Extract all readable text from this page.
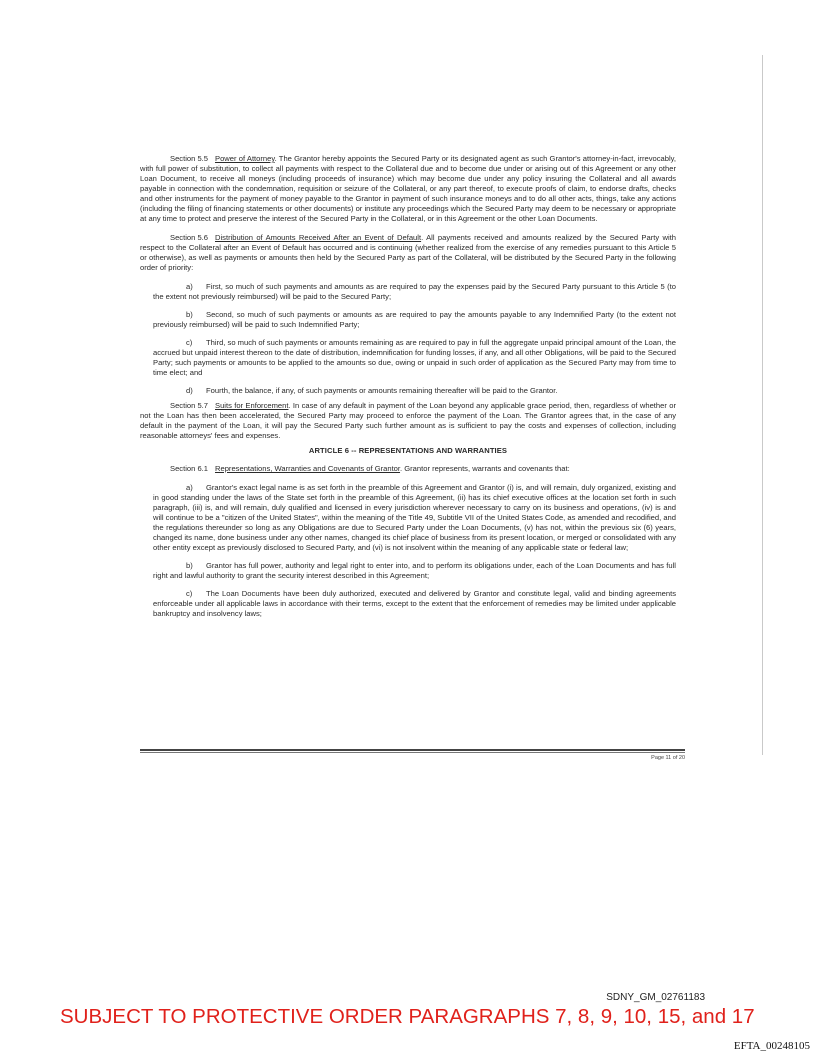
Section 5.5 Power of Attorney. The Grantor hereby appoints the Secured Party or its designated agent as such Grantor's attorney-in-fact, irrevocably, with full power of substitution, to collect all payments with respect to the Collateral due and to become due under or arising out of this Agreement or any other Loan Document, to receive all moneys (including proceeds of insurance) which may become due under any policy insuring the Collateral and all awards payable in connection with the condemnation, requisition or seizure of the Collateral, or any part thereof, to execute proofs of claim, to endorse drafts, checks and other instruments for the payment of money payable to the Grantor in payment of such insurance moneys and to do all other acts, things, take any actions (including the filing of financing statements or other documents) or institute any proceedings which the Secured Party may deem to be necessary or appropriate at any time to protect and preserve the interest of the Secured Party in the Collateral, or in this Agreement or the other Loan Documents.

Section 5.6 Distribution of Amounts Received After an Event of Default. All payments received and amounts realized by the Secured Party with respect to the Collateral after an Event of Default has occurred and is continuing (whether realized from the exercise of any remedies pursuant to this Article 5 or otherwise), as well as payments or amounts then held by the Secured Party as part of the Collateral, will be distributed by the Secured Party in the following order of priority:

a) First, so much of such payments and amounts as are required to pay the expenses paid by the Secured Party pursuant to this Article 5 (to the extent not previously reimbursed) will be paid to the Secured Party;

b) Second, so much of such payments or amounts as are required to pay the amounts payable to any Indemnified Party (to the extent not previously reimbursed) will be paid to such Indemnified Party;

c) Third, so much of such payments or amounts remaining as are required to pay in full the aggregate unpaid principal amount of the Loan, the accrued but unpaid interest thereon to the date of distribution, indemnification for funding losses, if any, and all other Obligations, will be paid to the Secured Party; such payments or amounts to be applied to the amounts so due, owing or unpaid in such order of application as the Secured Party may from time to time elect; and

d) Fourth, the balance, if any, of such payments or amounts remaining thereafter will be paid to the Grantor.

Section 5.7 Suits for Enforcement. In case of any default in payment of the Loan beyond any applicable grace period, then, regardless of whether or not the Loan has then been accelerated, the Secured Party may proceed to enforce the payment of the Loan. The Grantor agrees that, in the case of any default in the payment of the Loan, it will pay the Secured Party such further amount as is sufficient to pay the costs and expenses of collection, including reasonable attorneys' fees and expenses.

ARTICLE 6 -- REPRESENTATIONS AND WARRANTIES

Section 6.1 Representations, Warranties and Covenants of Grantor. Grantor represents, warrants and covenants that:

a) Grantor's exact legal name is as set forth in the preamble of this Agreement and Grantor (i) is, and will remain, duly organized, existing and in good standing under the laws of the State set forth in the preamble of this Agreement, (ii) has its chief executive offices at the location set forth in such paragraph, (iii) is, and will remain, duly qualified and licensed in every jurisdiction wherever necessary to carry on its business and operations, (iv) is and will continue to be a "citizen of the United States", within the meaning of the Title 49, Subtitle VII of the United States Code, as amended and recodified, and the regulations thereunder so long as any Obligations are due to Secured Party under the Loan Documents, (v) has not, within the previous six (6) years, changed its name, done business under any other names, changed its chief place of business from its present location, or merged or consolidated with any other entity except as previously disclosed to Secured Party, and (vi) is not insolvent within the meaning of any applicable state or federal law;

b) Grantor has full power, authority and legal right to enter into, and to perform its obligations under, each of the Loan Documents and has full right and lawful authority to grant the security interest described in this Agreement;

c) The Loan Documents have been duly authorized, executed and delivered by Grantor and constitute legal, valid and binding agreements enforceable under all applicable laws in accordance with their terms, except to the extent that the enforcement of remedies may be limited under applicable bankruptcy and insolvency laws;

Page 11 of 20
SDNY_GM_02761183
SUBJECT TO PROTECTIVE ORDER PARAGRAPHS 7, 8, 9, 10, 15, and 17
EFTA_00248105
